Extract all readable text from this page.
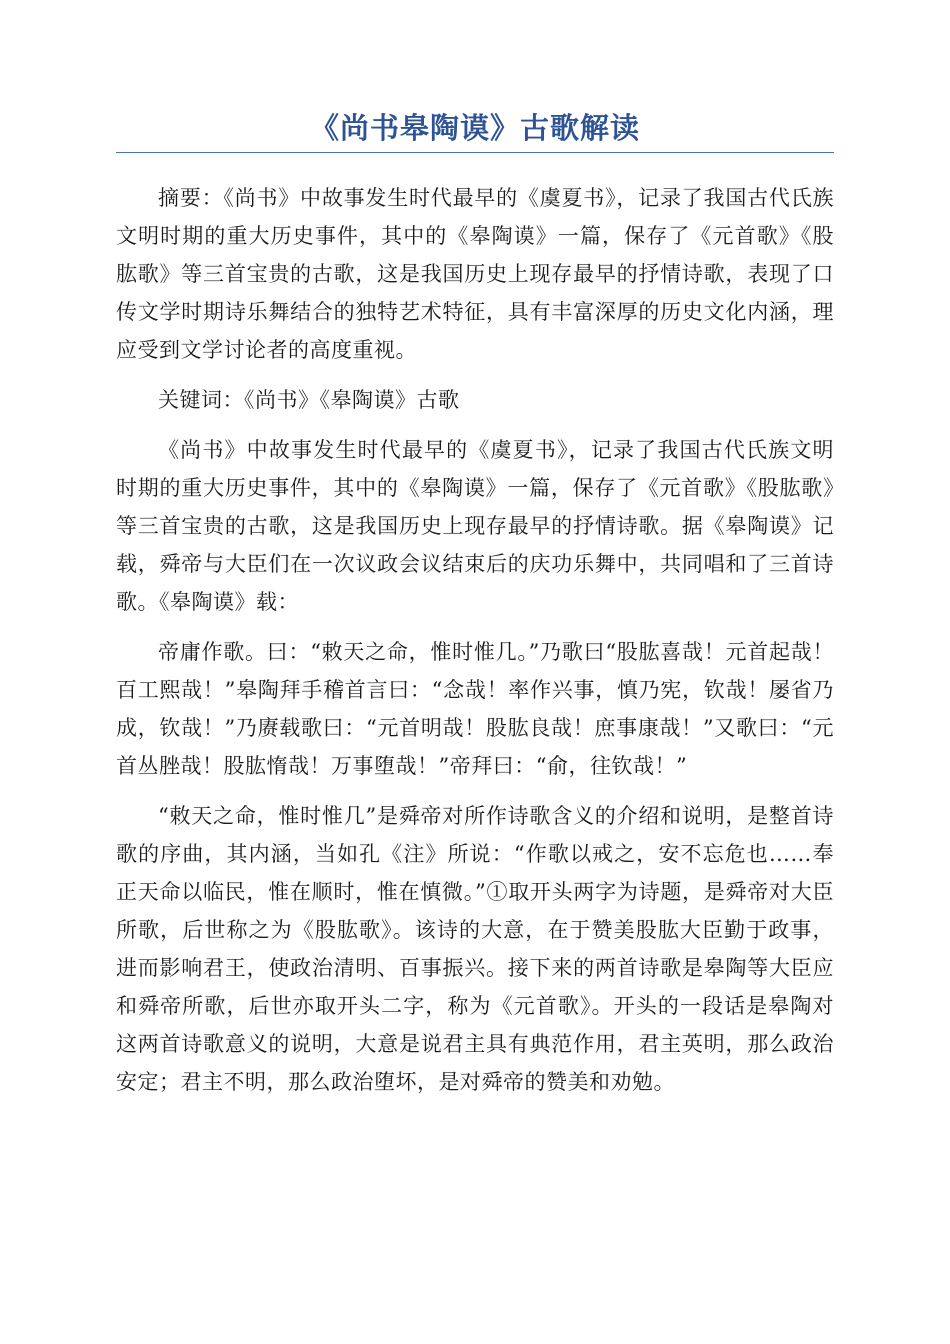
《尚书皋陶谟》古歌解读

摘要：《尚书》中故事发生时代最早的《虞夏书》，记录了我国古代氏族文明时期的重大历史事件，其中的《皋陶谟》一篇，保存了《元首歌》《股肱歌》等三首宝贵的古歌，这是我国历史上现存最早的抒情诗歌，表现了口传文学时期诗乐舞结合的独特艺术特征，具有丰富深厚的历史文化内涵，理应受到文学讨论者的高度重视。

关键词：《尚书》《皋陶谟》古歌

《尚书》中故事发生时代最早的《虞夏书》，记录了我国古代氏族文明时期的重大历史事件，其中的《皋陶谟》一篇，保存了《元首歌》《股肱歌》等三首宝贵的古歌，这是我国历史上现存最早的抒情诗歌。据《皋陶谟》记载，舜帝与大臣们在一次议政会议结束后的庆功乐舞中，共同唱和了三首诗歌。《皋陶谟》载：

帝庸作歌。曰：“敕天之命，惟时惟几。”乃歌曰“股肱喜哉！元首起哉！百工熙哉！”皋陶拜手稽首言曰：“念哉！率作兴事，慎乃宪，钦哉！屡省乃成，钦哉！”乃赓载歌曰：“元首明哉！股肱良哉！庶事康哉！”又歌曰：“元首丛脞哉！股肱惰哉！万事堕哉！”帝拜曰：“俞，往钦哉！”

“敕天之命，惟时惟几”是舜帝对所作诗歌含义的介绍和说明，是整首诗歌的序曲，其内涵，当如孔《注》所说：“作歌以戒之，安不忘危也……奉正天命以临民，惟在顺时，惟在慎微。”①取开头两字为诗题，是舜帝对大臣所歌，后世称之为《股肱歌》。该诗的大意，在于赞美股肱大臣勤于政事，进而影响君王，使政治清明、百事振兴。接下来的两首诗歌是皋陶等大臣应和舜帝所歌，后世亦取开头二字，称为《元首歌》。开头的一段话是皋陶对这两首诗歌意义的说明，大意是说君主具有典范作用，君主英明，那么政治安定；君主不明，那么政治堕坏，是对舜帝的赞美和劝勉。
